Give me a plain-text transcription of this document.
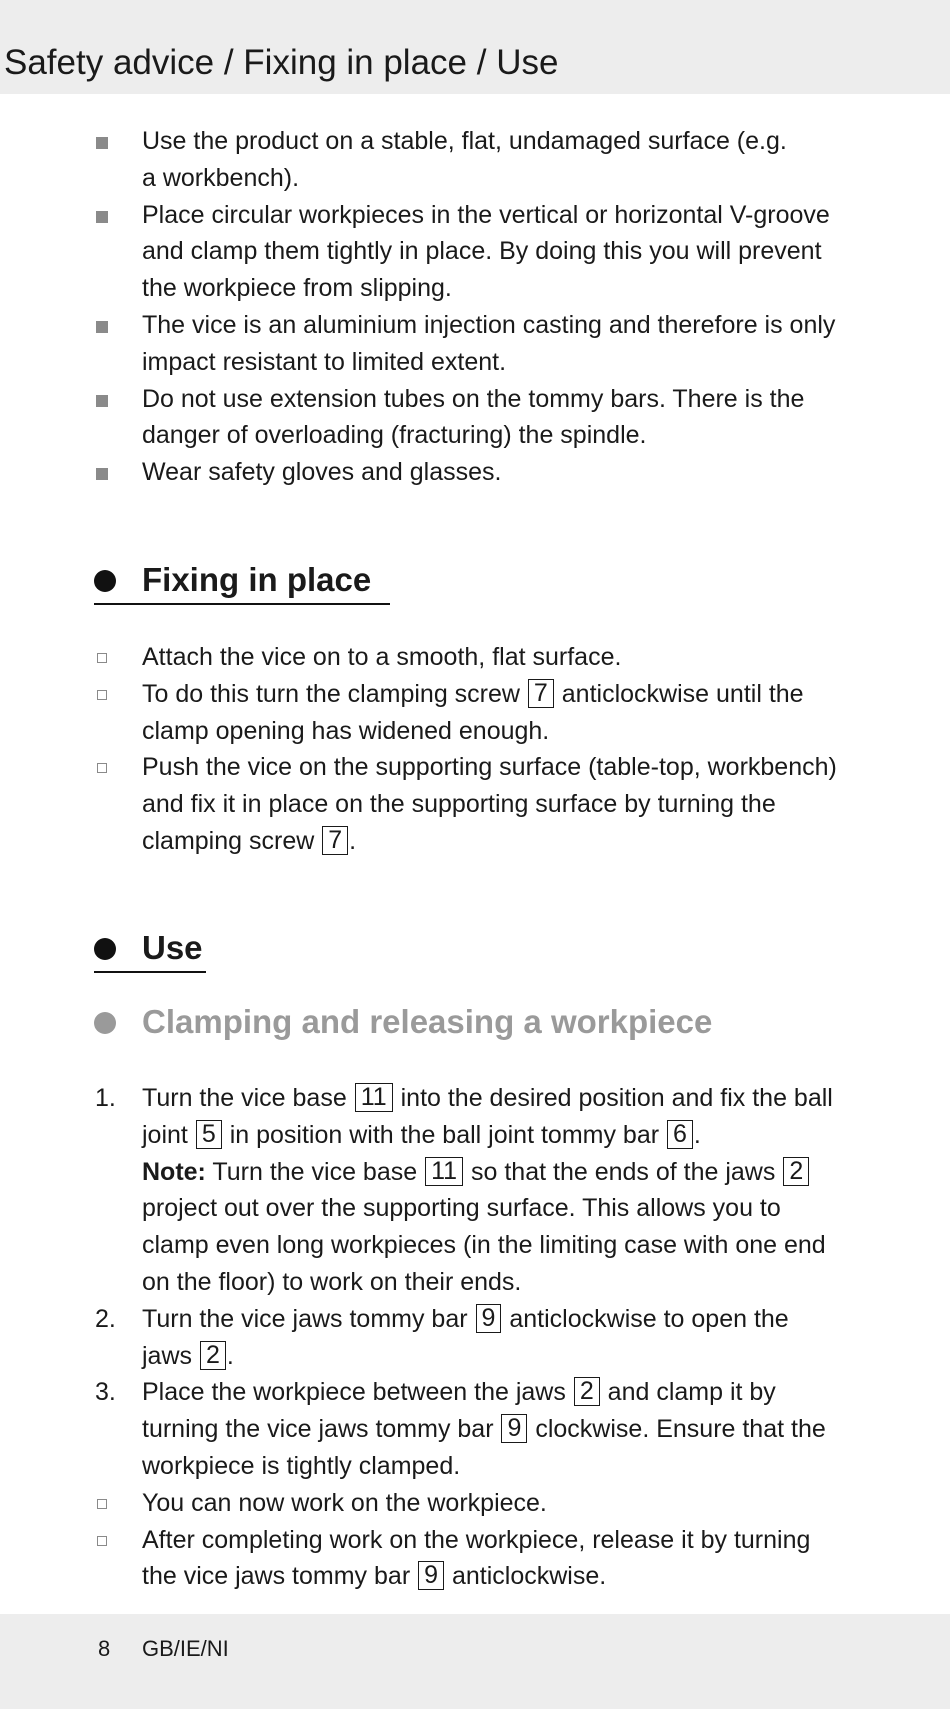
Safety advice / Fixing in place / Use
Use the product on a stable, flat, undamaged surface (e.g.
a workbench).
Place circular workpieces in the vertical or horizontal V-groove
and clamp them tightly in place. By doing this you will prevent
the workpiece from slipping.
The vice is an aluminium injection casting and therefore is only
impact resistant to limited extent.
Do not use extension tubes on the tommy bars. There is the
danger of overloading (fracturing) the spindle.
Wear safety gloves and glasses.
Fixing in place
Attach the vice on to a smooth, flat surface.
To do this turn the clamping screw 7 anticlockwise until the
clamp opening has widened enough.
Push the vice on the supporting surface (table-top, workbench)
and fix it in place on the supporting surface by turning the
clamping screw 7 .
Use
Clamping and releasing a workpiece
1. Turn the vice base 11 into the desired position and fix the ball
joint 5 in position with the ball joint tommy bar 6 .
Note: Turn the vice base 11 so that the ends of the jaws 2
project out over the supporting surface. This allows you to
clamp even long workpieces (in the limiting case with one end
on the floor) to work on their ends.
2. Turn the vice jaws tommy bar 9 anticlockwise to open the
jaws 2 .
3. Place the workpiece between the jaws 2 and clamp it by
turning the vice jaws tommy bar 9 clockwise. Ensure that the
workpiece is tightly clamped.
You can now work on the workpiece.
After completing work on the workpiece, release it by turning
the vice jaws tommy bar 9 anticlockwise.
8 GB/IE/NI
